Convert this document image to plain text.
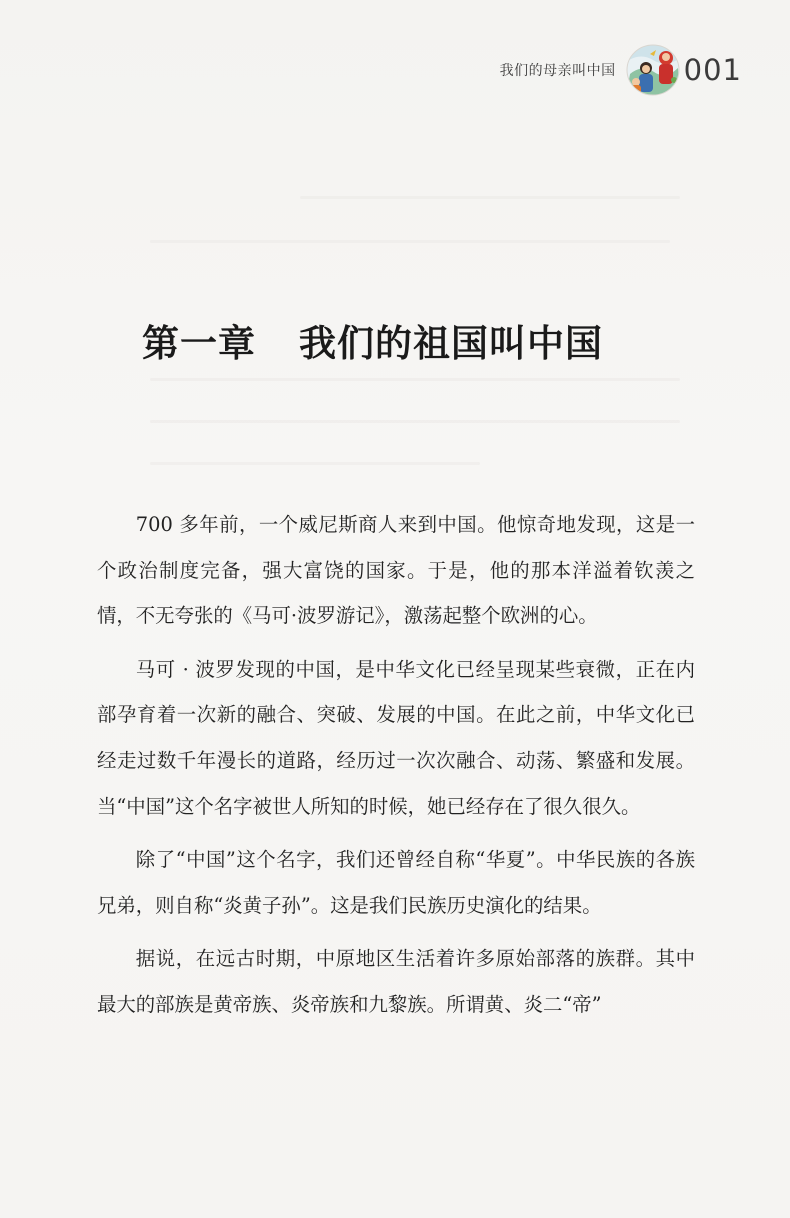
我们的母亲叫中国 001
第一章 我们的祖国叫中国

700 多年前，一个威尼斯商人来到中国。他惊奇地发现，这是一个政治制度完备，强大富饶的国家。于是，他的那本洋溢着钦羡之情，不无夸张的《马可·波罗游记》，激荡起整个欧洲的心。

马可 · 波罗发现的中国，是中华文化已经呈现某些衰微，正在内部孕育着一次新的融合、突破、发展的中国。在此之前，中华文化已经走过数千年漫长的道路，经历过一次次融合、动荡、繁盛和发展。当“中国”这个名字被世人所知的时候，她已经存在了很久很久。

除了“中国”这个名字，我们还曾经自称“华夏”。中华民族的各族兄弟，则自称“炎黄子孙”。这是我们民族历史演化的结果。

据说，在远古时期，中原地区生活着许多原始部落的族群。其中最大的部族是黄帝族、炎帝族和九黎族。所谓黄、炎二“帝”
